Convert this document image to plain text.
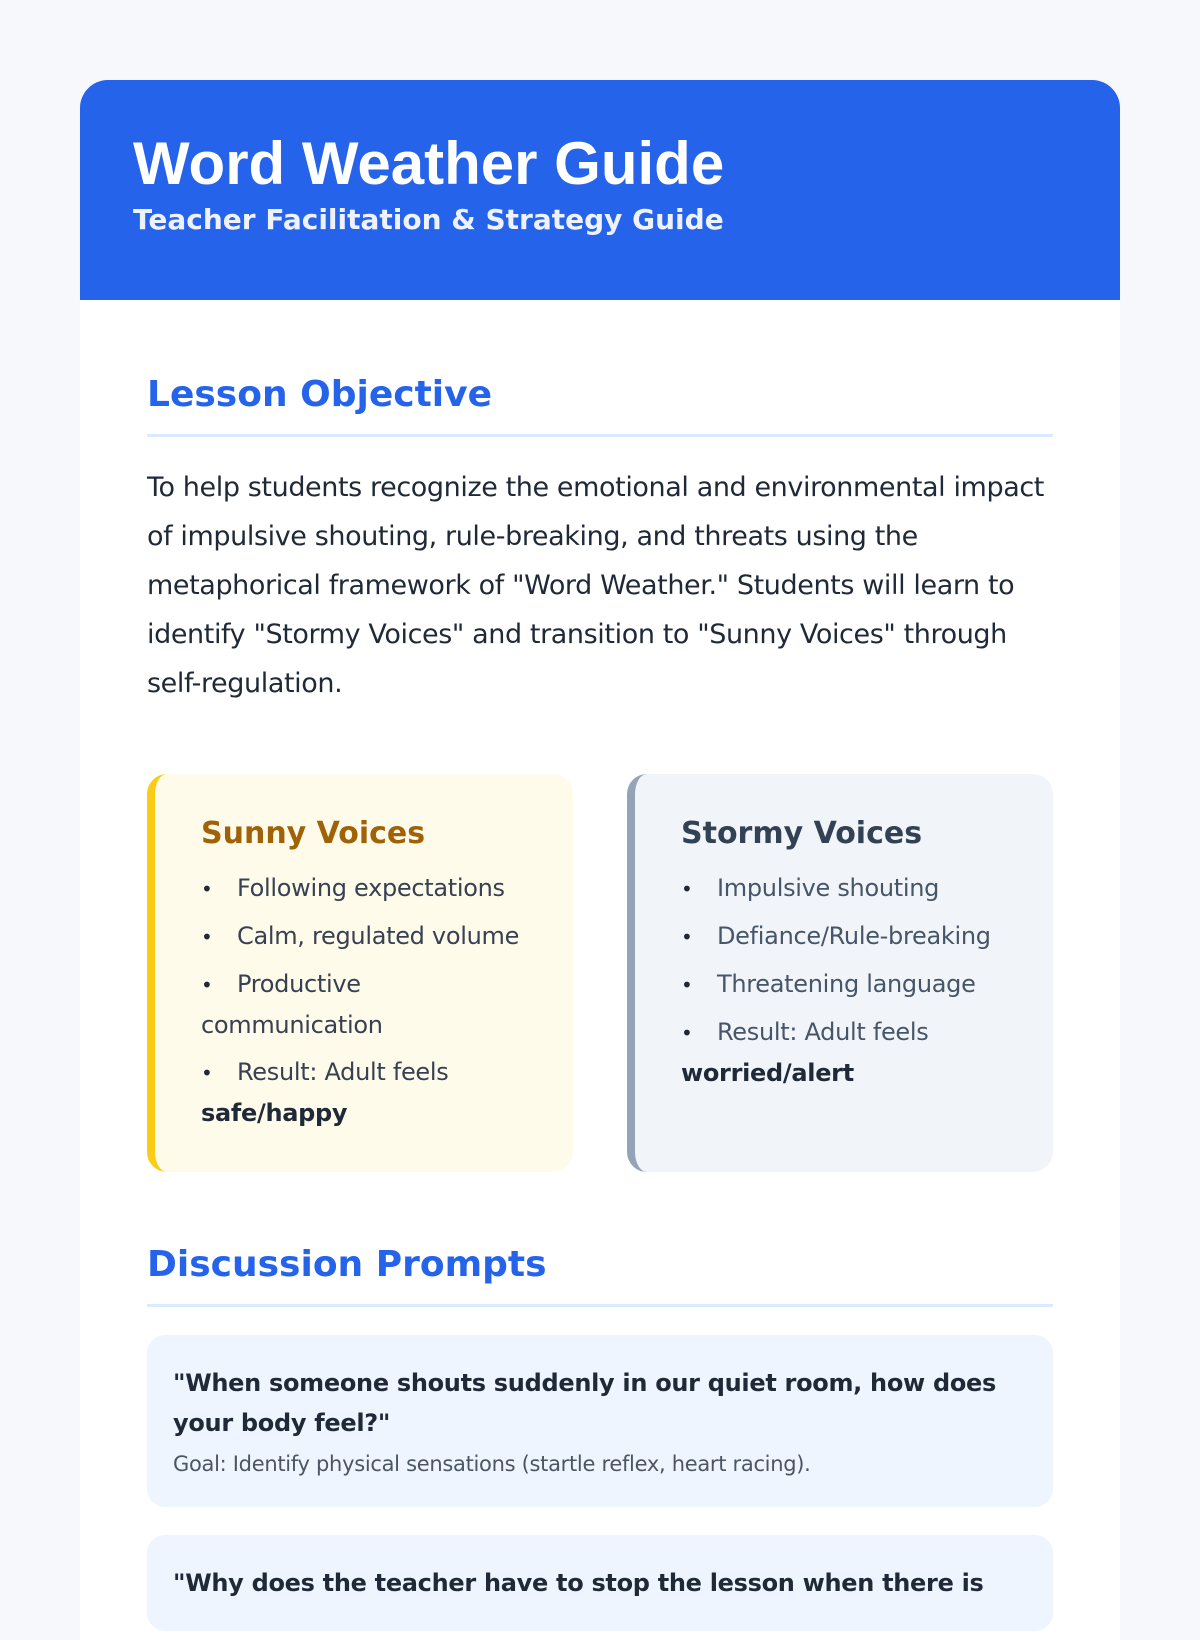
Word Weather Guide
Teacher Facilitation & Strategy Guide
Lesson Objective

To help students recognize the emotional and environmental impact of impulsive shouting, rule-breaking, and threats using the metaphorical framework of "Word Weather." Students will learn to identify "Stormy Voices" and transition to "Sunny Voices" through self-regulation.

Sunny Voices
• Following expectations
• Calm, regulated volume
• Productive communication
• Result: Adult feels safe/happy
Stormy Voices
• Impulsive shouting
• Defiance/Rule-breaking
• Threatening language
• Result: Adult feels worried/alert
Discussion Prompts
"When someone shouts suddenly in our quiet room, how does your body feel?"
Goal: Identify physical sensations (startle reflex, heart racing).
"Why does the teacher have to stop the lesson when there is
